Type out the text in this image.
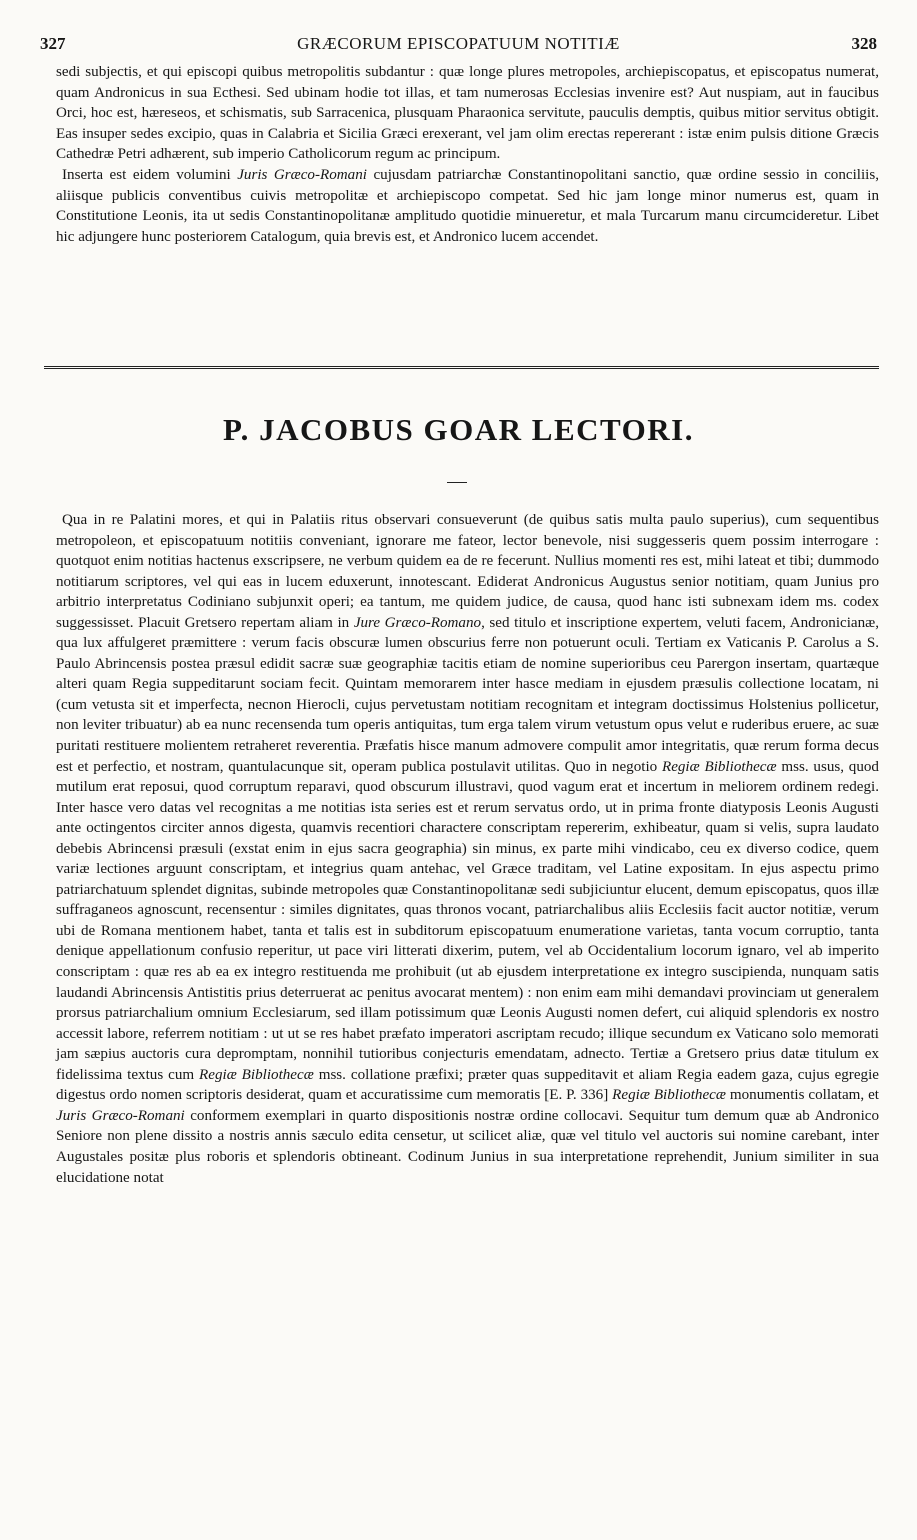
327	GRÆCORUM EPISCOPATUUM NOTITIÆ	328

sedi subjectis, et qui episcopi quibus metropolitis subdantur : quæ longe plures metropoles, archiepiscopatus, et episcopatus numerat, quam Andronicus in sua Ecthesi. Sed ubinam hodie tot illas, et tam numerosas Ecclesias invenire est? Aut nuspiam, aut in faucibus Orci, hoc est, hæreseos, et schismatis, sub Sarracenica, plusquam Pharaonica servitute, pauculis demptis, quibus mitior servitus obtigit. Eas insuper sedes excipio, quas in Calabria et Sicilia Græci erexerant, vel jam olim erectas repererant : istæ enim pulsis ditione Græcis Cathedræ Petri adhærent, sub imperio Catholicorum regum ac principum.

Inserta est eidem volumini Juris Græco-Romani cujusdam patriarchæ Constantinopolitani sanctio, quæ ordine sessio in conciliis, aliisque publicis conventibus cuivis metropolitæ et archiepiscopo competat. Sed hic jam longe minor numerus est, quam in Constitutione Leonis, ita ut sedis Constantinopolitanæ amplitudo quotidie minueretur, et mala Turcarum manu circumcideretur. Libet hic adjungere hunc posteriorem Catalogum, quia brevis est, et Andronico lucem accendet.

P. JACOBUS GOAR LECTORI.

Qua in re Palatini mores, et qui in Palatiis ritus observari consueverunt (de quibus satis multa paulo superius), cum sequentibus metropoleon, et episcopatuum notitiis conveniant, ignorare me fateor, lector benevole, nisi suggesseris quem possim interrogare : quotquot enim notitias hactenus exscripsere, ne verbum quidem ea de re fecerunt. Nullius momenti res est, mihi lateat et tibi; dummodo notitiarum scriptores, vel qui eas in lucem eduxerunt, innotescant. Ediderat Andronicus Augustus senior notitiam, quam Junius pro arbitrio interpretatus Codiniano subjunxit operi; ea tantum, me quidem judice, de causa, quod hanc isti subnexam idem ms. codex suggessisset. Placuit Gretsero repertam aliam in Jure Græco-Romano, sed titulo et inscriptione expertem, veluti facem, Andronicianæ, qua lux affulgeret præmittere : verum facis obscuræ lumen obscurius ferre non potuerunt oculi. Tertiam ex Vaticanis P. Carolus a S. Paulo Abrincensis postea præsul edidit sacræ suæ geographiæ tacitis etiam de nomine superioribus ceu Parergon insertam, quartæque alteri quam Regia suppeditarunt sociam fecit. Quintam memorarem inter hasce mediam in ejusdem præsulis collectione locatam, ni (cum vetusta sit et imperfecta, necnon Hierocli, cujus pervetustam notitiam recognitam et integram doctissimus Holstenius pollicetur, non leviter tribuatur) ab ea nunc recensenda tum operis antiquitas, tum erga talem virum vetustum opus velut e ruderibus eruere, ac suæ puritati restituere molientem retraheret reverentia. Præfatis hisce manum admovere compulit amor integritatis, quæ rerum forma decus est et perfectio, et nostram, quantulacunque sit, operam publica postulavit utilitas. Quo in negotio Regiæ Bibliothecæ mss. usus, quod mutilum erat reposui, quod corruptum reparavi, quod obscurum illustravi, quod vagum erat et incertum in meliorem ordinem redegi. Inter hasce vero datas vel recognitas a me notitias ista series est et rerum servatus ordo, ut in prima fronte diatyposis Leonis Augusti ante octingentos circiter annos digesta, quamvis recentiori charactere conscriptam repererim, exhibeatur, quam si velis, supra laudato debebis Abrincensi præsuli (exstat enim in ejus sacra geographia) sin minus, ex parte mihi vindicabo, ceu ex diverso codice, quem variæ lectiones arguunt conscriptam, et integrius quam antehac, vel Græce traditam, vel Latine expositam. In ejus aspectu primo patriarchatuum splendet dignitas, subinde metropoles quæ Constantinopolitanæ sedi subjiciuntur elucent, demum episcopatus, quos illæ suffraganeos agnoscunt, recensentur : similes dignitates, quas thronos vocant, patriarchalibus aliis Ecclesiis facit auctor notitiæ, verum ubi de Romana mentionem habet, tanta et talis est in subditorum episcopatuum enumeratione varietas, tanta vocum corruptio, tanta denique appellationum confusio reperitur, ut pace viri litterati dixerim, putem, vel ab Occidentalium locorum ignaro, vel ab imperito conscriptam : quæ res ab ea ex integro restituenda me prohibuit (ut ab ejusdem interpretatione ex integro suscipienda, nunquam satis laudandi Abrincensis Antistitis prius deterruerat ac penitus avocarat mentem) : non enim eam mihi demandavi provinciam ut generalem prorsus patriarchalium omnium Ecclesiarum, sed illam potissimum quæ Leonis Augusti nomen defert, cui aliquid splendoris ex nostro accessit labore, referrem notitiam : ut ut se res habet præfato imperatori ascriptam recudo; illique secundum ex Vaticano solo memorati jam sæpius auctoris cura depromptam, nonnihil tutioribus conjecturis emendatam, adnecto. Tertiæ a Gretsero prius datæ titulum ex fidelissima textus cum Regiæ Bibliothecæ mss. collatione præfixi; præter quas suppeditavit et aliam Regia eadem gaza, cujus egregie digestus ordo nomen scriptoris desiderat, quam et accuratissime cum memoratis [E. P. 336] Regiæ Bibliothecæ monumentis collatam, et Juris Græco-Romani conformem exemplari in quarto dispositionis nostræ ordine collocavi. Sequitur tum demum quæ ab Andronico Seniore non plene dissito a nostris annis sæculo edita censetur, ut scilicet aliæ, quæ vel titulo vel auctoris sui nomine carebant, inter Augustales positæ plus roboris et splendoris obtineant. Codinum Junius in sua interpretatione reprehendit, Junium similiter in sua elucidatione notat
